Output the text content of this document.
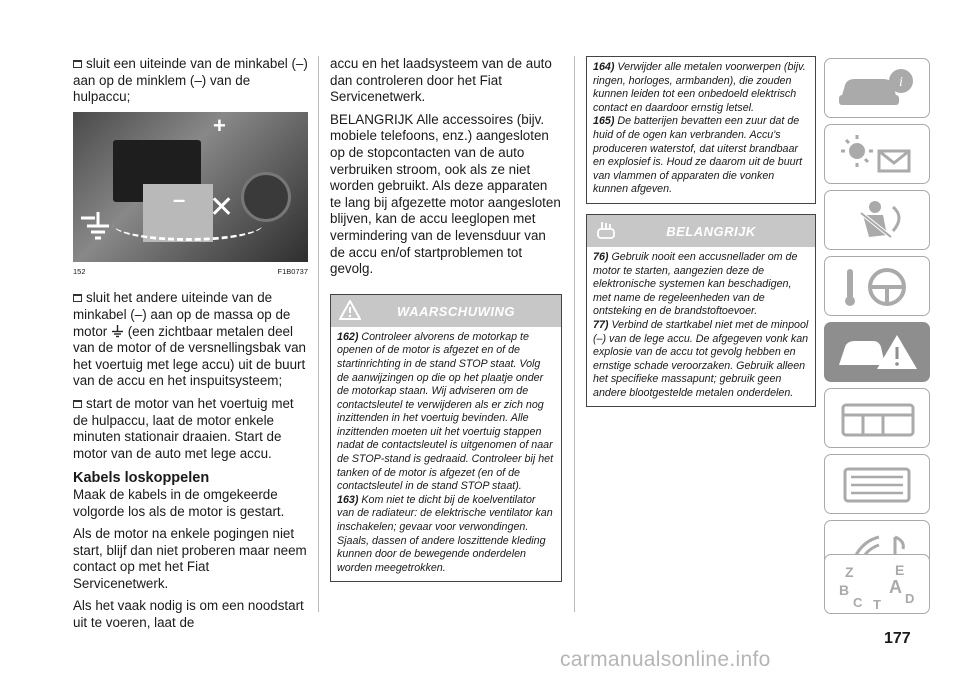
sluit een uiteinde van de minkabel (–) aan op de minklem (–) van de hulpaccu;

+
– ✕
152	F1B0737

sluit het andere uiteinde van de minkabel (–) aan op de massa op de motor (een zichtbaar metalen deel van de motor of de versnellingsbak van het voertuig met lege accu) uit de buurt van de accu en het inspuitsysteem;

start de motor van het voertuig met de hulpaccu, laat de motor enkele minuten stationair draaien. Start de motor van de auto met lege accu.

Kabels loskoppelen

Maak de kabels in de omgekeerde volgorde los als de motor is gestart.

Als de motor na enkele pogingen niet start, blijf dan niet proberen maar neem contact op met het Fiat Servicenetwerk.

Als het vaak nodig is om een noodstart uit te voeren, laat de

accu en het laadsysteem van de auto dan controleren door het Fiat Servicenetwerk.

BELANGRIJK Alle accessoires (bijv. mobiele telefoons, enz.) aangesloten op de stopcontacten van de auto verbruiken stroom, ook als ze niet worden gebruikt. Als deze apparaten te lang bij afgezette motor aangesloten blijven, kan de accu leeglopen met vermindering van de levensduur van de accu en/of startproblemen tot gevolg.

WAARSCHUWING

162) Controleer alvorens de motorkap te openen of de motor is afgezet en of de startinrichting in de stand STOP staat. Volg de aanwijzingen op die op het plaatje onder de motorkap staan. Wij adviseren om de contactsleutel te verwijderen als er zich nog inzittenden in het voertuig bevinden. Alle inzittenden moeten uit het voertuig stappen nadat de contactsleutel is uitgenomen of naar de STOP-stand is gedraaid. Controleer bij het tanken of de motor is afgezet (en of de contactsleutel in de stand STOP staat).

163) Kom niet te dicht bij de koelventilator van de radiateur: de elektrische ventilator kan inschakelen; gevaar voor verwondingen. Sjaals, dassen of andere loszittende kleding kunnen door de bewegende onderdelen worden meegetrokken.

164) Verwijder alle metalen voorwerpen (bijv. ringen, horloges, armbanden), die zouden kunnen leiden tot een onbedoeld elektrisch contact en daardoor ernstig letsel.

165) De batterijen bevatten een zuur dat de huid of de ogen kan verbranden. Accu's produceren waterstof, dat uiterst brandbaar en explosief is. Houd ze daarom uit de buurt van vlammen of apparaten die vonken kunnen afgeven.

BELANGRIJK

76) Gebruik nooit een accusnellader om de motor te starten, aangezien deze de elektronische systemen kan beschadigen, met name de regeleenheden van de ontsteking en de brandstoftoevoer.

77) Verbind de startkabel niet met de minpool (–) van de lege accu. De afgegeven vonk kan explosie van de accu tot gevolg hebben en ernstige schade veroorzaken. Gebruik alleen het specifieke massapunt; gebruik geen andere blootgestelde metalen onderdelen.

i
Z	E
B A
C T D
177
carmanualsonline.info
